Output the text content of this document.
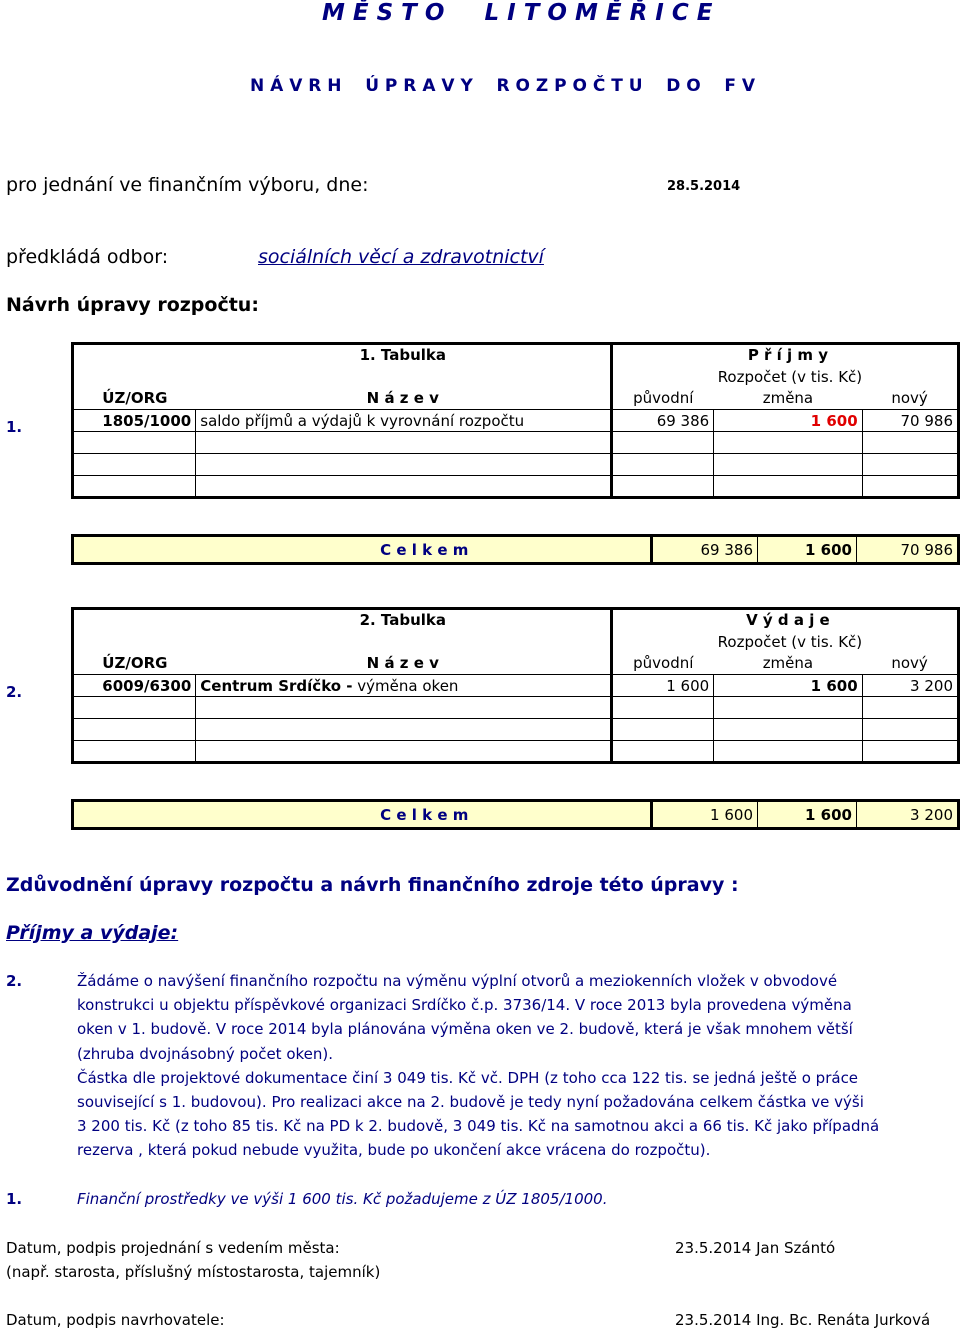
M Ě S T O     L I T O M Ě Ř I C E
N Á V R H    Ú P R A V Y    R O Z P O Č T U    D O    F V
pro jednání ve finančním výboru, dne:	28.5.2014
předkládá odbor:	sociálních věcí a zdravotnictví
Návrh úpravy rozpočtu:
1.
	1. Tabulka		P ř í j m y	
			Rozpočet (v tis. Kč)	
ÚZ/ORG	N á z e v	původní	změna	nový
1805/1000	saldo příjmů a výdajů k vyrovnání rozpočtu	69 386	1 600	70 986

	C e l k e m	69 386	1 600	70 986
2.
	2. Tabulka		V ý d a j e	
			Rozpočet (v tis. Kč)	
ÚZ/ORG	N á z e v	původní	změna	nový
6009/6300	Centrum Srdíčko - výměna oken	1 600	1 600	3 200

	C e l k e m	1 600	1 600	3 200
Zdůvodnění úpravy rozpočtu a návrh finančního zdroje této úpravy :
Příjmy a výdaje:
2.	Žádáme o navýšení finančního rozpočtu na výměnu výplní otvorů a meziokenních vložek v obvodové
konstrukci u objektu příspěvkové organizaci Srdíčko č.p. 3736/14. V roce 2013 byla provedena výměna
oken v 1. budově. V roce 2014 byla plánována výměna oken ve 2. budově, která je však mnohem větší
(zhruba dvojnásobný počet oken).
Částka dle projektové dokumentace činí 3 049 tis. Kč vč. DPH (z toho cca 122 tis. se jedná ještě o práce
související s 1. budovou). Pro realizaci akce na 2. budově je tedy nyní požadována celkem částka ve výši
3 200 tis. Kč (z toho 85 tis. Kč na PD k 2. budově, 3 049 tis. Kč na samotnou akci a 66 tis. Kč jako případná
rezerva , která pokud nebude využita, bude po ukončení akce vrácena do rozpočtu).
1.	Finanční prostředky ve výši 1 600 tis. Kč požadujeme z ÚZ 1805/1000.
Datum, podpis projednání s vedením města:	23.5.2014 Jan Szántó
(např. starosta, příslušný místostarosta, tajemník)
Datum, podpis navrhovatele:	23.5.2014 Ing. Bc. Renáta Jurková
